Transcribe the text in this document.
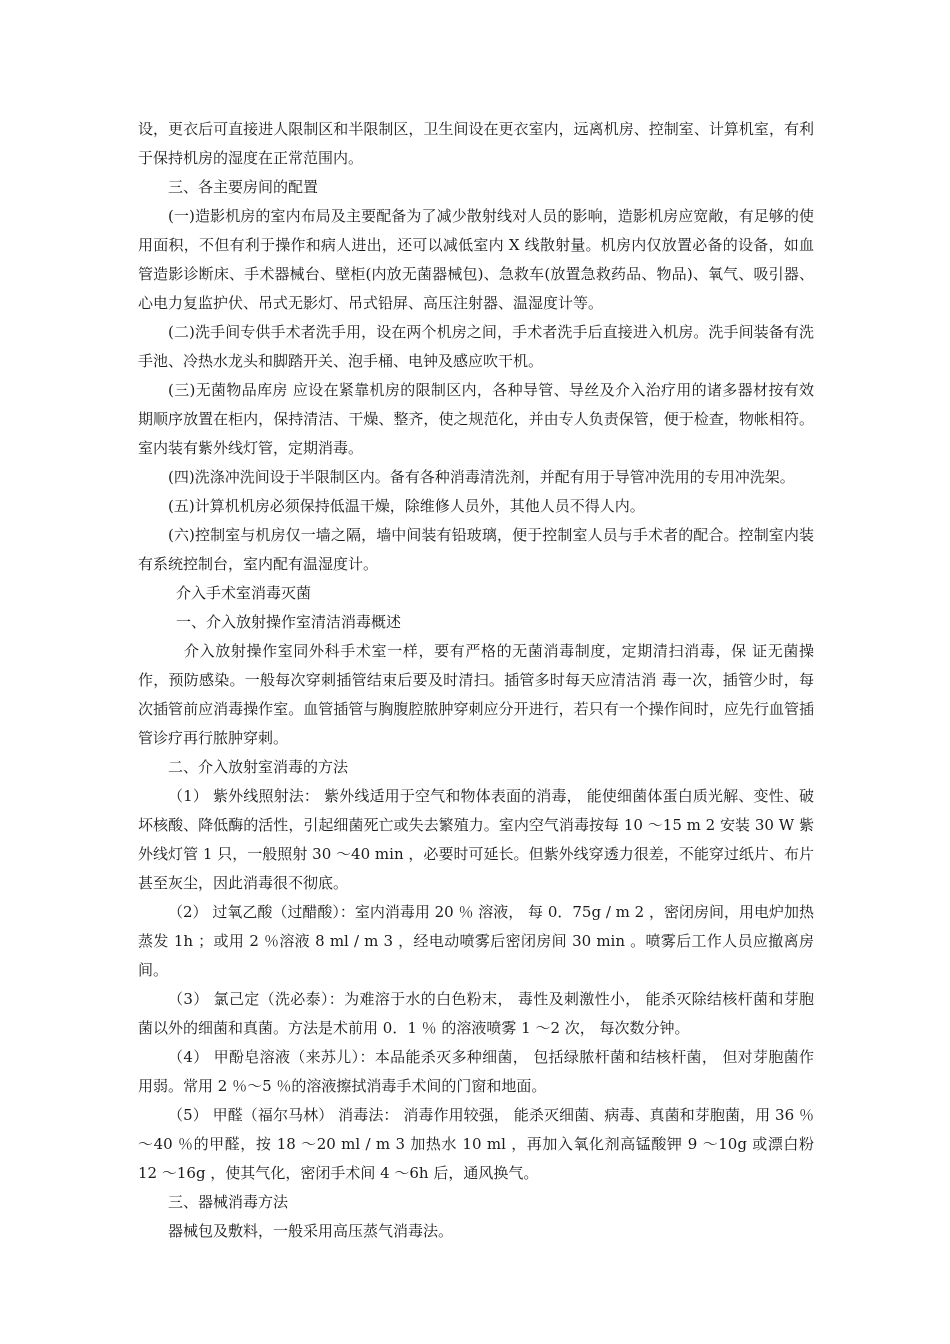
设，更衣后可直接进人限制区和半限制区，卫生间设在更衣室内，远离机房、控制室、计算机室，有利于保持机房的湿度在正常范围内。

三、各主要房间的配置

(一)造影机房的室内布局及主要配备为了减少散射线对人员的影响，造影机房应宽敞，有足够的使用面积，不但有利于操作和病人进出，还可以减低室内 X 线散射量。机房内仅放置必备的设备，如血管造影诊断床、手术器械台、壁柜(内放无菌器械包)、急救车(放置急救药品、物品)、氧气、吸引器、心电力复监护伏、吊式无影灯、吊式铅屏、高压注射器、温湿度计等。

(二)洗手间专供手术者洗手用，设在两个机房之间，手术者洗手后直接进入机房。洗手间装备有洗手池、冷热水龙头和脚踏开关、泡手桶、电钟及感应吹干机。

(三)无菌物品库房 应设在紧靠机房的限制区内，各种导管、导丝及介入治疗用的诸多器材按有效期顺序放置在柜内，保持清洁、干燥、整齐，使之规范化，并由专人负责保管，便于检查，物帐相符。室内装有紫外线灯管，定期消毒。

(四)洗涤冲洗间设于半限制区内。备有各种消毒清洗剂，并配有用于导管冲洗用的专用冲洗架。

(五)计算机机房必须保持低温干燥，除维修人员外，其他人员不得人内。

(六)控制室与机房仅一墙之隔，墙中间装有铅玻璃，便于控制室人员与手术者的配合。控制室内装有系统控制台，室内配有温湿度计。

介入手术室消毒灭菌

一、介入放射操作室清洁消毒概述

介入放射操作室同外科手术室一样，要有严格的无菌消毒制度，定期清扫消毒，保 证无菌操作，预防感染。一般每次穿刺插管结束后要及时清扫。插管多时每天应清洁消 毒一次，插管少时，每次插管前应消毒操作室。血管插管与胸腹腔脓肿穿刺应分开进行，若只有一个操作间时，应先行血管插管诊疗再行脓肿穿刺。

二、介入放射室消毒的方法

（1） 紫外线照射法： 紫外线适用于空气和物体表面的消毒， 能使细菌体蛋白质光解、变性、破坏核酸、降低酶的活性，引起细菌死亡或失去繁殖力。室内空气消毒按每 10 ～15 m 2 安装 30 W 紫外线灯管 1 只，一般照射 30 ～40 min ，必要时可延长。但紫外线穿透力很差，不能穿过纸片、布片甚至灰尘，因此消毒很不彻底。

（2） 过氧乙酸（过醋酸）：室内消毒用 20 ％ 溶液， 每 0．75g / m 2 ，密闭房间，用电炉加热蒸发 1h ；或用 2 ％溶液 8 ml / m 3 ，经电动喷雾后密闭房间 30 min 。喷雾后工作人员应撤离房间。

（3） 氯己定（洗必泰）：为难溶于水的白色粉末， 毒性及刺激性小， 能杀灭除结核杆菌和芽胞菌以外的细菌和真菌。方法是术前用 0．1 ％ 的溶液喷雾 1 ～2 次， 每次数分钟。

（4） 甲酚皂溶液（来苏儿）：本品能杀灭多种细菌， 包括绿脓杆菌和结核杆菌， 但对芽胞菌作用弱。常用 2 ％～5 ％的溶液擦拭消毒手术间的门窗和地面。

（5） 甲醛（福尔马林） 消毒法： 消毒作用较强， 能杀灭细菌、病毒、真菌和芽胞菌，用 36 ％～40 ％的甲醛，按 18 ～20 ml / m 3 加热水 10 ml ，再加入氧化剂高锰酸钾 9 ～10g 或漂白粉 12 ～16g ，使其气化，密闭手术间 4 ～6h 后，通风换气。

三、器械消毒方法

器械包及敷料，一般采用高压蒸气消毒法。
